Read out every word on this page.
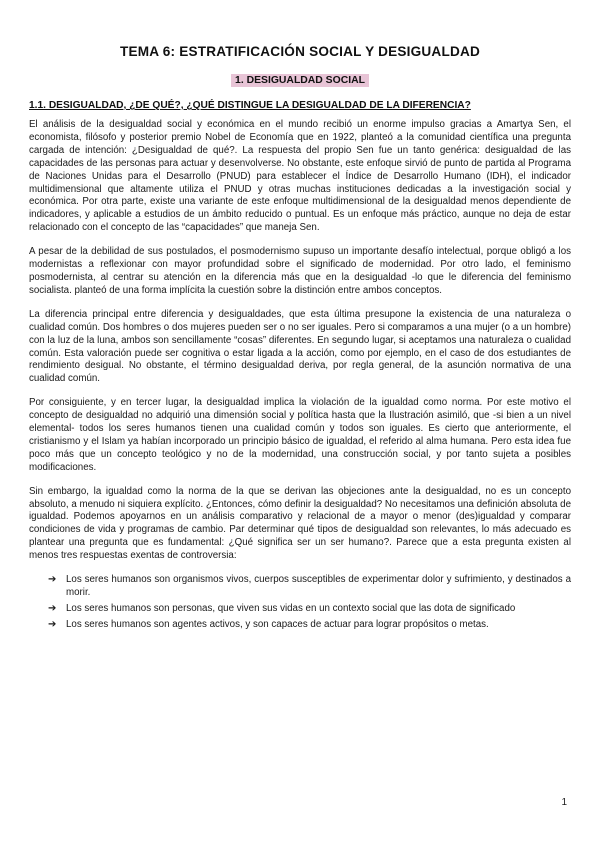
TEMA 6: ESTRATIFICACIÓN SOCIAL Y DESIGUALDAD
1. DESIGUALDAD SOCIAL
1.1. DESIGUALDAD, ¿DE QUÉ?, ¿QUÉ DISTINGUE LA DESIGUALDAD DE LA DIFERENCIA?

El análisis de la desigualdad social y económica en el mundo recibió un enorme impulso gracias a Amartya Sen, el economista, filósofo y posterior premio Nobel de Economía que en 1922, planteó a la comunidad científica una pregunta cargada de intención: ¿Desigualdad de qué?. La respuesta del propio Sen fue un tanto genérica: desigualdad de las capacidades de las personas para actuar y desenvolverse. No obstante, este enfoque sirvió de punto de partida al Programa de Naciones Unidas para el Desarrollo (PNUD) para establecer el Índice de Desarrollo Humano (IDH), el indicador multidimensional que altamente utiliza el PNUD y otras muchas instituciones dedicadas a la investigación social y económica. Por otra parte, existe una variante de este enfoque multidimensional de la desigualdad menos dependiente de indicadores, y aplicable a estudios de un ámbito reducido o puntual. Es un enfoque más práctico, aunque no deja de estar relacionado con el concepto de las “capacidades” que maneja Sen.

A pesar de la debilidad de sus postulados, el posmodernismo supuso un importante desafío intelectual, porque obligó a los modernistas a reflexionar con mayor profundidad sobre el significado de modernidad. Por otro lado, el feminismo posmodernista, al centrar su atención en la diferencia más que en la desigualdad -lo que le diferencia del feminismo socialista. planteó de una forma implícita la cuestión sobre la distinción entre ambos conceptos.

La diferencia principal entre diferencia y desigualdades, que esta última presupone la existencia de una naturaleza o cualidad común. Dos hombres o dos mujeres pueden ser o no ser iguales. Pero si comparamos a una mujer (o a un hombre) con la luz de la luna, ambos son sencillamente “cosas” diferentes. En segundo lugar, si aceptamos una naturaleza o cualidad común. Esta valoración puede ser cognitiva o estar ligada a la acción, como por ejemplo, en el caso de dos estudiantes de rendimiento desigual. No obstante, el término desigualdad deriva, por regla general, de la asunción normativa de una cualidad común.

Por consiguiente, y en tercer lugar, la desigualdad implica la violación de la igualdad como norma. Por este motivo el concepto de desigualdad no adquirió una dimensión social y política hasta que la Ilustración asimiló, que -si bien a un nivel elemental- todos los seres humanos tienen una cualidad común y todos son iguales. Es cierto que anteriormente, el cristianismo y el Islam ya habían incorporado un principio básico de igualdad, el referido al alma humana. Pero esta idea fue poco más que un concepto teológico y no de la modernidad, una construcción social, y por tanto sujeta a posibles modificaciones.

Sin embargo, la igualdad como la norma de la que se derivan las objeciones ante la desigualdad, no es un concepto absoluto, a menudo ni siquiera explícito. ¿Entonces, cómo definir la desigualdad? No necesitamos una definición absoluta de igualdad. Podemos apoyarnos en un análisis comparativo y relacional de a mayor o menor (des)igualdad y comparar condiciones de vida y programas de cambio. Par determinar qué tipos de desigualdad son relevantes, lo más adecuado es plantear una pregunta que es fundamental: ¿Qué significa ser un ser humano?. Parece que a esta pregunta existen al menos tres respuestas exentas de controversia:

➔ Los seres humanos son organismos vivos, cuerpos susceptibles de experimentar dolor y sufrimiento, y destinados a morir.
➔ Los seres humanos son personas, que viven sus vidas en un contexto social que las dota de significado
➔ Los seres humanos son agentes activos, y son capaces de actuar para lograr propósitos o metas.
1
